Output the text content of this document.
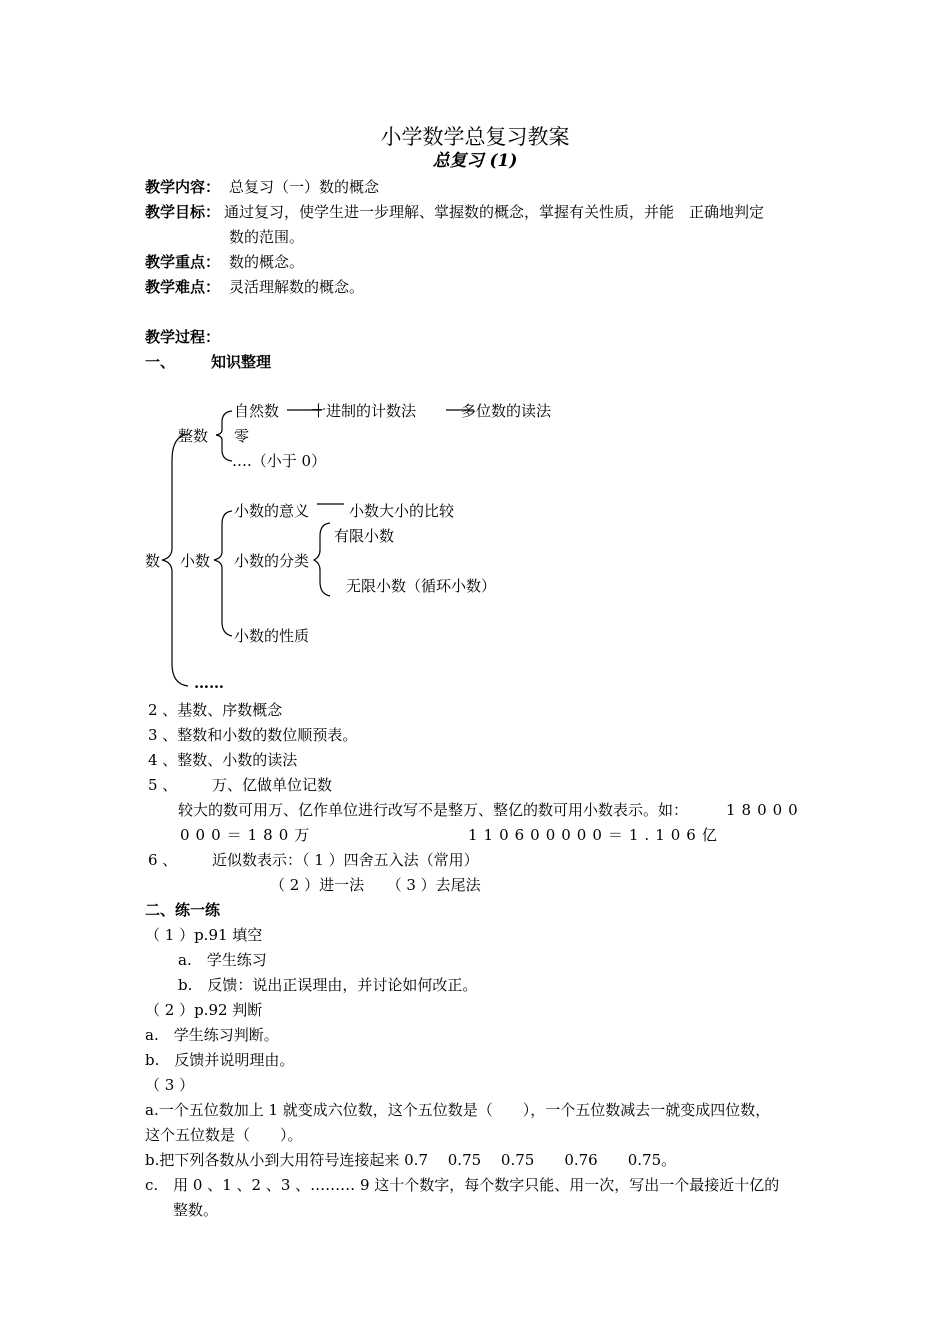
小学数学总复习教案
总复习 (1)
教学内容： 总复习（一）数的概念
教学目标： 通过复习，使学生进一步理解、掌握数的概念，掌握有关性质，并能　正确地判定
数的范围。
教学重点： 数的概念。
教学难点： 灵活理解数的概念。
教学过程：
一、 知识整理
数
整数
自然数 十进制的计数法	多位数的读法
零
….（小于 0）
小数
小数的意义	小数大小的比较
小数的分类
有限小数
无限小数（循环小数）
小数的性质
……
2 、基数、序数概念
3 、整数和小数的数位顺预表。
4 、整数、小数的读法
5 、 万、亿做单位记数
较大的数可用万、亿作单位进行改写不是整万、整亿的数可用小数表示。如：	18000
000＝180万	110600000＝1.106亿
6 、 近似数表示：（ 1 ）四舍五入法（常用）
（ 2 ）进一法　　（ 3 ）去尾法
二、练一练
（ 1 ）p.91 填空
a.　学生练习
b.　反馈：说出正误理由，并讨论如何改正。
（ 2 ）p.92 判断
a.　学生练习判断。
b.　反馈并说明理由。
（ 3 ）
a.一个五位数加上 1 就变成六位数，这个五位数是（　　），一个五位数减去一就变成四位数，
这个五位数是（　　）。
b.把下列各数从小到大用符号连接起来 0.7　 0.75　 0.75　　0.76　　0.75。
c.　用 0 、1 、2 、3 、……… 9 这十个数字，每个数字只能、用一次，写出一个最接近十亿的
整数。
